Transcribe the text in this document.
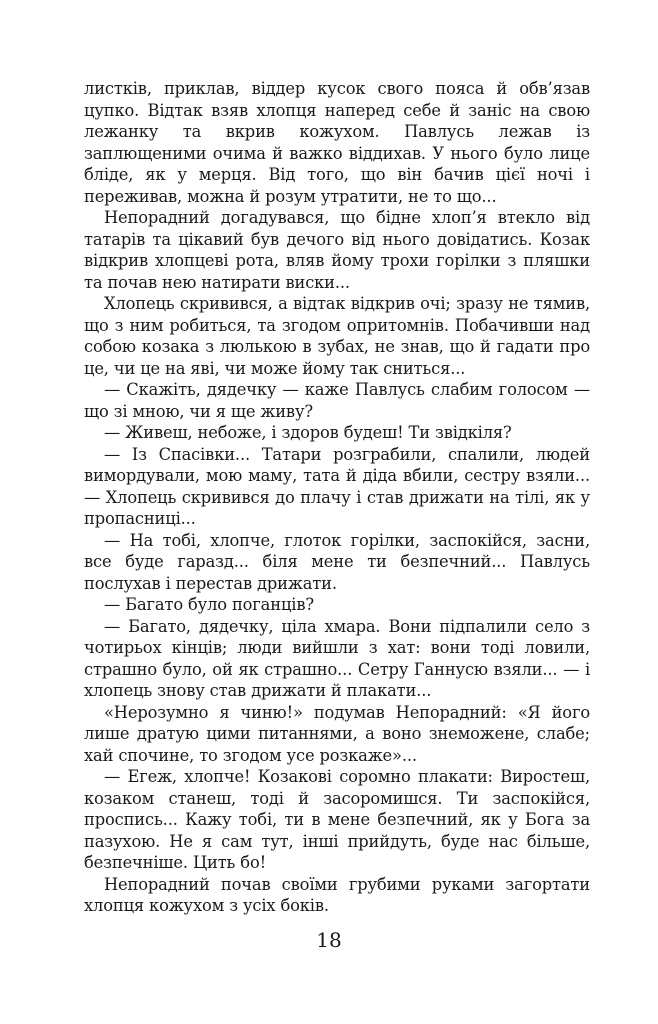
листків, приклав, віддер кусок свого пояса й обв’язав цупко. Відтак взяв хлопця наперед себе й заніс на свою лежанку та вкрив кожухом. Павлусь лежав із заплющеними очима й важко віддихав. У нього було лице бліде, як у мерця. Від того, що він бачив цієї ночі і переживав, можна й розум утратити, не то що...

Непорадний догадувався, що бідне хлоп’я втекло від татарів та цікавий був дечого від нього довідатись. Козак відкрив хлопцеві рота, вляв йому трохи горілки з пляшки та почав нею натирати виски...

Хлопець скривився, а відтак відкрив очі; зразу не тямив, що з ним робиться, та згодом опритомнів. Побачивши над собою козака з люлькою в зубах, не знав, що й гадати про це, чи це на яві, чи може йому так сниться...

— Скажіть, дядечку — каже Павлусь слабим голосом — що зі мною, чи я ще живу?

— Живеш, небоже, і здоров будеш! Ти звідкіля?

— Із Спасівки... Татари розграбили, спалили, людей вимордували, мою маму, тата й діда вбили, сестру взяли... — Хлопець скривився до плачу і став дрижати на тілі, як у пропасниці...

— На тобі, хлопче, глоток горілки, заспокійся, засни, все буде гаразд... біля мене ти безпечний... Павлусь послухав і перестав дрижати.

— Багато було поганців?

— Багато, дядечку, ціла хмара. Вони підпалили село з чотирьох кінців; люди вийшли з хат: вони тоді ловили, страшно було, ой як страшно... Сетру Ганнусю взяли... — і хлопець знову став дрижати й плакати...

«Нерозумно я чиню!» подумав Непорадний: «Я його лише дратую цими питаннями, а воно знеможене, слабе; хай спочине, то згодом усе розкаже»...

— Егеж, хлопче! Козакові соромно плакати: Виростеш, козаком станеш, тоді й засоромишся. Ти заспокійся, проспись... Кажу тобі, ти в мене безпечний, як у Бога за пазухою. Не я сам тут, інші прийдуть, буде нас більше, безпечніше. Цить бо!

Непорадний почав своїми грубими руками загортати хлопця кожухом з усіх боків.

18
